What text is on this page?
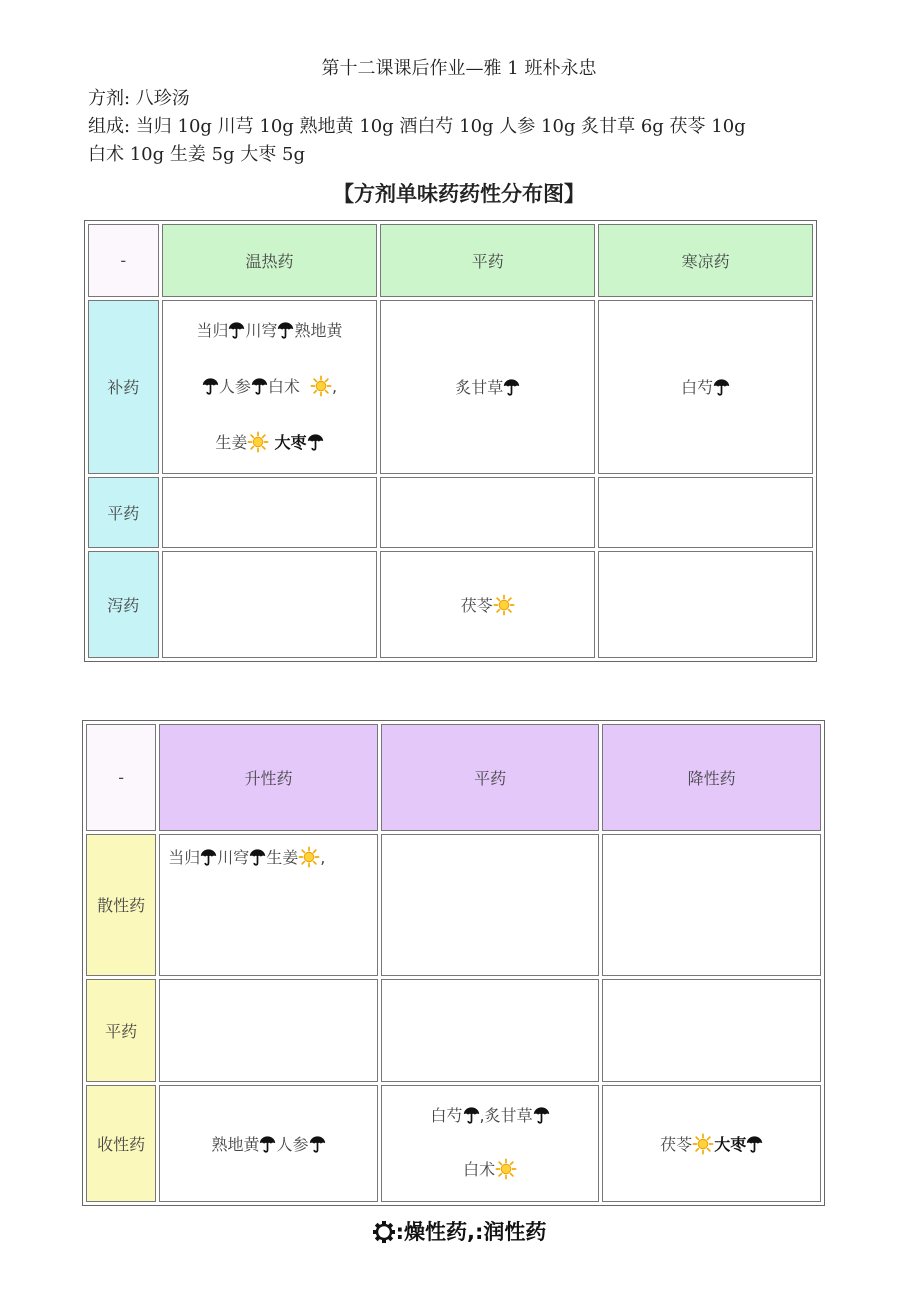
第十二课课后作业—雅 1 班朴永忠
方剂: 八珍汤
组成: 当归 10g 川芎 10g 熟地黄 10g 酒白芍 10g 人参 10g 炙甘草 6g 茯苓 10g
白术 10g 生姜 5g 大枣 5g
【方剂单味药药性分布图】
-	温热药	平药	寒凉药
补药	当归 川穹 熟地黄
人参 白术 ,
生姜 大枣	炙甘草	白芍
平药			
泻药		茯苓	
-	升性药	平药	降性药
散性药	当归 川穹 生姜 ,		
平药			
收性药	熟地黄 人参	白芍 ,炙甘草
白术	茯苓 大枣
:燥性药,:润性药
